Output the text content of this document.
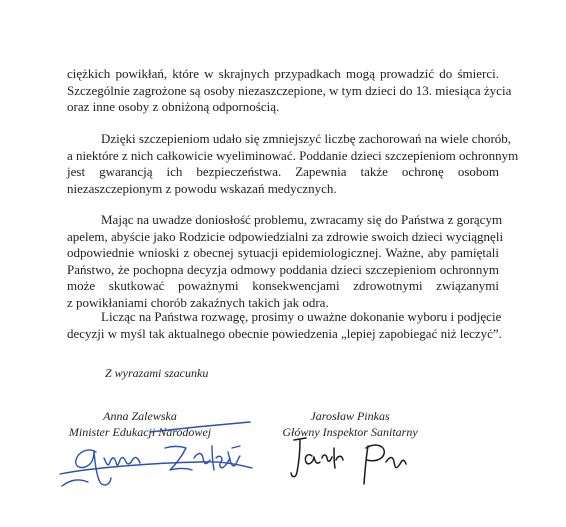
ciężkich powikłań, które w skrajnych przypadkach mogą prowadzić do śmierci.
Szczególnie zagrożone są osoby niezaszczepione, w tym dzieci do 13. miesiąca życia
oraz inne osoby z obniżoną odpornością.
Dzięki szczepieniom udało się zmniejszyć liczbę zachorowań na wiele chorób,
a niektóre z nich całkowicie wyeliminować. Poddanie dzieci szczepieniom ochronnym
jest gwarancją ich bezpieczeństwa. Zapewnia także ochronę osobom
niezaszczepionym z powodu wskazań medycznych.
Mając na uwadze doniosłość problemu, zwracamy się do Państwa z gorącym
apelem, abyście jako Rodzicie odpowiedzialni za zdrowie swoich dzieci wyciągnęli
odpowiednie wnioski z obecnej sytuacji epidemiologicznej. Ważne, aby pamiętali
Państwo, że pochopna decyzja odmowy poddania dzieci szczepieniom ochronnym
może skutkować poważnymi konsekwencjami zdrowotnymi związanymi
z powikłaniami chorób zakaźnych takich jak odra.
Licząc na Państwa rozwagę, prosimy o uważne dokonanie wyboru i podjęcie
decyzji w myśl tak aktualnego obecnie powiedzenia „lepiej zapobiegać niż leczyć”.
Z wyrazami szacunku
Anna Zalewska
Minister Edukacji Narodowej
Jarosław Pinkas
Główny Inspektor Sanitarny
